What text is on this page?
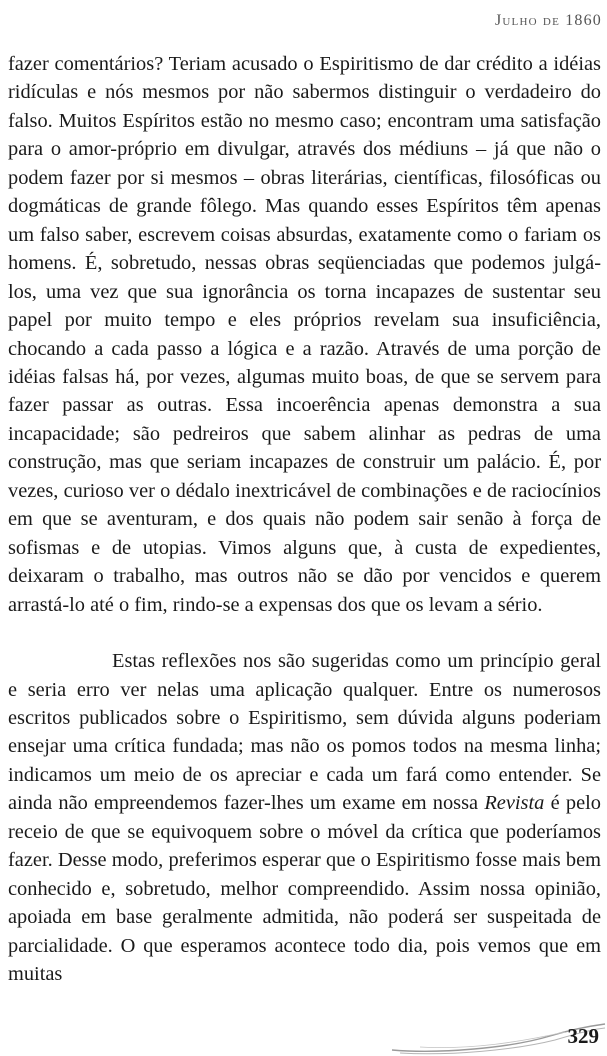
Julho de 1860

fazer comentários? Teriam acusado o Espiritismo de dar crédito a idéias ridículas e nós mesmos por não sabermos distinguir o verdadeiro do falso. Muitos Espíritos estão no mesmo caso; encontram uma satisfação para o amor-próprio em divulgar, através dos médiuns – já que não o podem fazer por si mesmos – obras literárias, científicas, filosóficas ou dogmáticas de grande fôlego. Mas quando esses Espíritos têm apenas um falso saber, escrevem coisas absurdas, exatamente como o fariam os homens. É, sobretudo, nessas obras seqüenciadas que podemos julgá-los, uma vez que sua ignorância os torna incapazes de sustentar seu papel por muito tempo e eles próprios revelam sua insuficiência, chocando a cada passo a lógica e a razão. Através de uma porção de idéias falsas há, por vezes, algumas muito boas, de que se servem para fazer passar as outras. Essa incoerência apenas demonstra a sua incapacidade; são pedreiros que sabem alinhar as pedras de uma construção, mas que seriam incapazes de construir um palácio. É, por vezes, curioso ver o dédalo inextricável de combinações e de raciocínios em que se aventuram, e dos quais não podem sair senão à força de sofismas e de utopias. Vimos alguns que, à custa de expedientes, deixaram o trabalho, mas outros não se dão por vencidos e querem arrastá-lo até o fim, rindo-se a expensas dos que os levam a sério.

Estas reflexões nos são sugeridas como um princípio geral e seria erro ver nelas uma aplicação qualquer. Entre os numerosos escritos publicados sobre o Espiritismo, sem dúvida alguns poderiam ensejar uma crítica fundada; mas não os pomos todos na mesma linha; indicamos um meio de os apreciar e cada um fará como entender. Se ainda não empreendemos fazer-lhes um exame em nossa Revista é pelo receio de que se equivoquem sobre o móvel da crítica que poderíamos fazer. Desse modo, preferimos esperar que o Espiritismo fosse mais bem conhecido e, sobretudo, melhor compreendido. Assim nossa opinião, apoiada em base geralmente admitida, não poderá ser suspeitada de parcialidade. O que esperamos acontece todo dia, pois vemos que em muitas

329
